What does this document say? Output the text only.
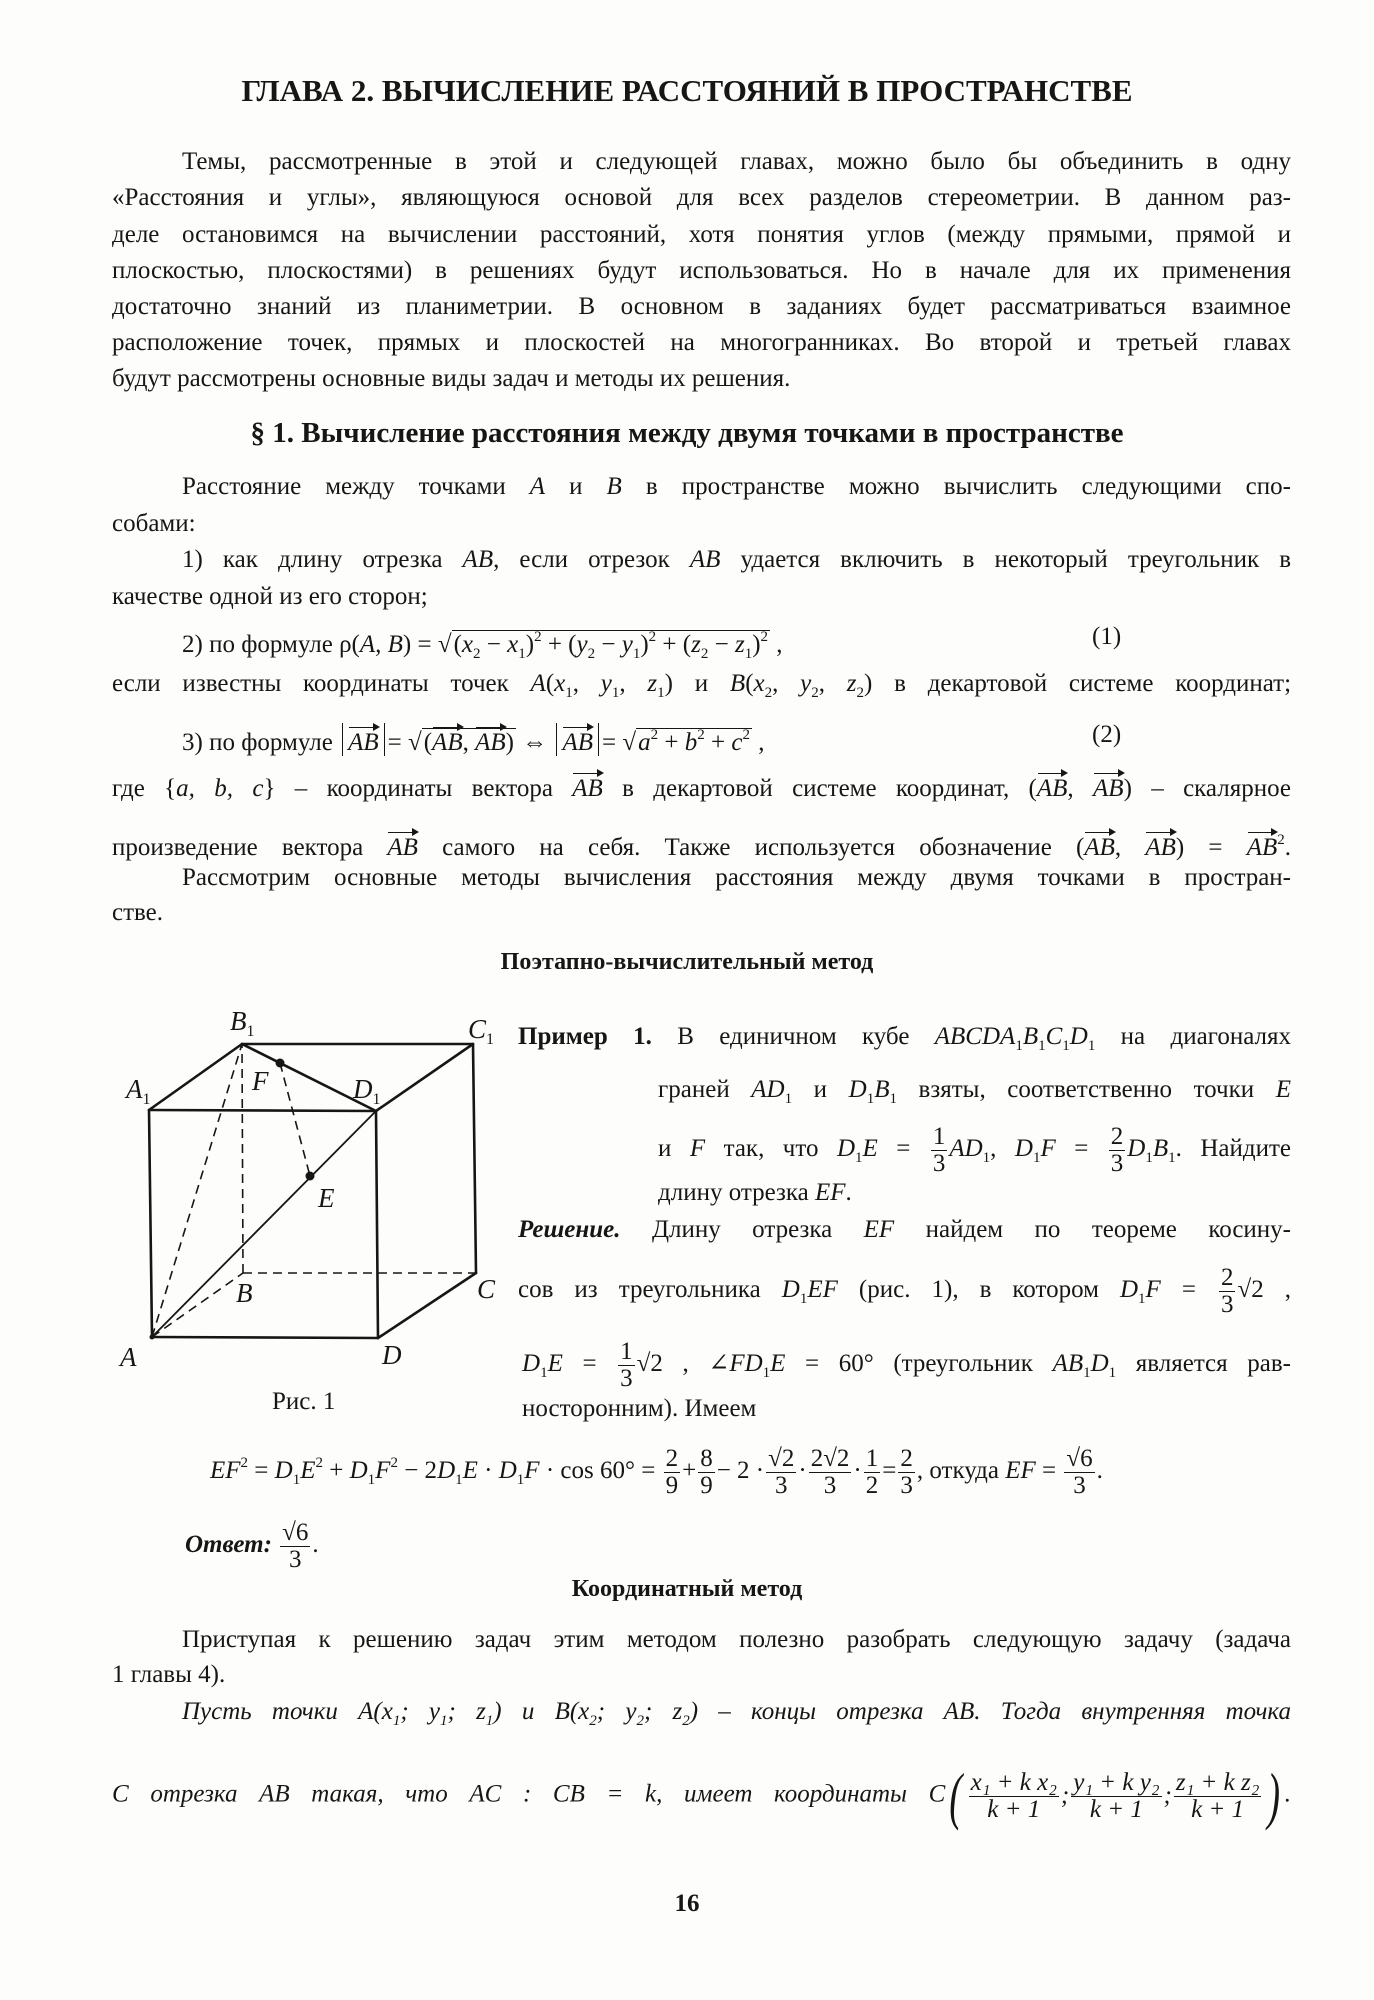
ГЛАВА 2. ВЫЧИСЛЕНИЕ РАССТОЯНИЙ В ПРОСТРАНСТВЕ
Темы, рассмотренные в этой и следующей главах, можно было бы объединить в одну
«Расстояния и углы», являющуюся основой для всех разделов стереометрии. В данном раз-
деле остановимся на вычислении расстояний, хотя понятия углов (между прямыми, прямой и
плоскостью, плоскостями) в решениях будут использоваться. Но в начале для их применения
достаточно знаний из планиметрии. В основном в заданиях будет рассматриваться взаимное
расположение точек, прямых и плоскостей на многогранниках. Во второй и третьей главах
будут рассмотрены основные виды задач и методы их решения.
§ 1. Вычисление расстояния между двумя точками в пространстве
Расстояние между точками A и B в пространстве можно вычислить следующими спо-
собами:
1) как длину отрезка AB, если отрезок AB удается включить в некоторый треугольник в
качестве одной из его сторон;
2) по формуле ρ(A, $B) = √(x_2 - x_1)^2 + (y_2 - y_1)^2 + (z_2 - z_1)^2$ ,	(1)
если известны координаты точек $A(x_1$, $y_1$, $z_1$) и $B(x_2$, $y_2$, $z_2$) в декартовой системе координат;
3) по формуле AB = √(AB, AB) ⇔ AB = $√a^2 + b^2 + c^2$ ,	(2)
где {a, b, c} – координаты вектора AB в декартовой системе координат, (AB, AB) – скалярное
произведение вектора AB самого на себя. Также используется обозначение (AB, $AB) = AB^2$.
Рассмотрим основные методы вычисления расстояния между двумя точками в простран-
стве.
Поэтапно-вычислительный метод
$B_1$	$C_1$
$A_1$	$D_1$
F
E
B	C
A	D
Рис. 1
Пример 1. В единичном кубе $ABCDA_1B_1C_1D_1$ на диагоналях
граней $AD_1$ и $D_1B_1$ взяты, соответственно точки E
и F так, что $D_1E = \frac{1}{3} AD_1$, $D_1F = \frac{2}{3} D_1B_1$. Найдите
длину отрезка EF.
Решение. Длину отрезка EF найдем по теореме косину-
сов из треугольника $D_1EF$ (рис. 1), в котором $D_1F = \frac{2}{3} √2$ ,
$D_1E = \frac{1}{3} √2$ , $\angle FD_1E = 60^\circ$ (треугольник $AB_1D_1$ является рав-
носторонним). Имеем
$EF^2 = D_1E^2 + D_1F^2 - 2D_1E \cdot D_1F \cdot \cos 60^\circ = \frac{2}{9} + \frac{8}{9} - 2 \cdot \frac{√2}{3} \cdot \frac{2√2}{3} \cdot \frac{1}{2} = \frac{2}{3}$ , откуда EF = $\frac{√6}{3}$ .
Ответ: $\frac{√6}{3}$ .
Координатный метод
Приступая к решению задач этим методом полезно разобрать следующую задачу (задача
1 главы 4).
Пусть точки $A(x_1$; $y_1$; $z_1$) и $B(x_2$; $y_2$; $z_2$) – концы отрезка AB. Тогда внутренняя точка
C отрезка AB такая, что AC : CB = k, имеет координаты C ( $\frac{\text{x₁ + k x₂}}{k + 1}$ ; $\frac{\text{y₁ + k y₂}}{k + 1}$ ; $\frac{\text{z₁ + k z₂}}{k + 1}$ ) .
16
